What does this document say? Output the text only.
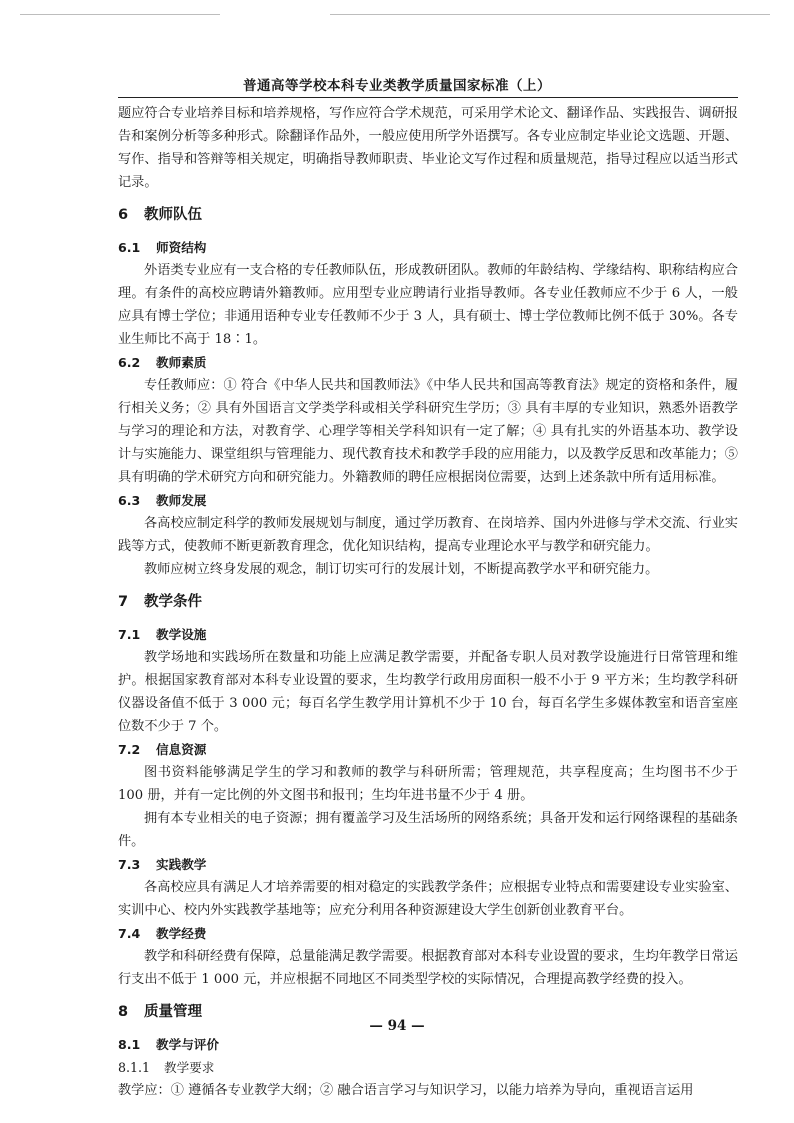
普通高等学校本科专业类教学质量国家标准（上）

题应符合专业培养目标和培养规格，写作应符合学术规范，可采用学术论文、翻译作品、实践报告、调研报告和案例分析等多种形式。除翻译作品外，一般应使用所学外语撰写。各专业应制定毕业论文选题、开题、写作、指导和答辩等相关规定，明确指导教师职责、毕业论文写作过程和质量规范，指导过程应以适当形式记录。

6 教师队伍
6.1 师资结构

外语类专业应有一支合格的专任教师队伍，形成教研团队。教师的年龄结构、学缘结构、职称结构应合理。有条件的高校应聘请外籍教师。应用型专业应聘请行业指导教师。各专业任教师应不少于 6 人，一般应具有博士学位；非通用语种专业专任教师不少于 3 人，具有硕士、博士学位教师比例不低于 30%。各专业生师比不高于 18∶1。

6.2 教师素质

专任教师应：① 符合《中华人民共和国教师法》《中华人民共和国高等教育法》规定的资格和条件，履行相关义务；② 具有外国语言文学类学科或相关学科研究生学历；③ 具有丰厚的专业知识，熟悉外语教学与学习的理论和方法，对教育学、心理学等相关学科知识有一定了解；④ 具有扎实的外语基本功、教学设计与实施能力、课堂组织与管理能力、现代教育技术和教学手段的应用能力，以及教学反思和改革能力；⑤ 具有明确的学术研究方向和研究能力。外籍教师的聘任应根据岗位需要，达到上述条款中所有适用标准。

6.3 教师发展

各高校应制定科学的教师发展规划与制度，通过学历教育、在岗培养、国内外进修与学术交流、行业实践等方式，使教师不断更新教育理念，优化知识结构，提高专业理论水平与教学和研究能力。

教师应树立终身发展的观念，制订切实可行的发展计划，不断提高教学水平和研究能力。

7 教学条件
7.1 教学设施

教学场地和实践场所在数量和功能上应满足教学需要，并配备专职人员对教学设施进行日常管理和维护。根据国家教育部对本科专业设置的要求，生均教学行政用房面积一般不小于 9 平方米；生均教学科研仪器设备值不低于 3 000 元；每百名学生教学用计算机不少于 10 台，每百名学生多媒体教室和语音室座位数不少于 7 个。

7.2 信息资源

图书资料能够满足学生的学习和教师的教学与科研所需；管理规范，共享程度高；生均图书不少于 100 册，并有一定比例的外文图书和报刊；生均年进书量不少于 4 册。

拥有本专业相关的电子资源；拥有覆盖学习及生活场所的网络系统；具备开发和运行网络课程的基础条件。

7.3 实践教学

各高校应具有满足人才培养需要的相对稳定的实践教学条件；应根据专业特点和需要建设专业实验室、实训中心、校内外实践教学基地等；应充分利用各种资源建设大学生创新创业教育平台。

7.4 教学经费

教学和科研经费有保障，总量能满足教学需要。根据教育部对本科专业设置的要求，生均年教学日常运行支出不低于 1 000 元，并应根据不同地区不同类型学校的实际情况，合理提高教学经费的投入。

8 质量管理
8.1 教学与评价
8.1.1 教学要求

教学应：① 遵循各专业教学大纲；② 融合语言学习与知识学习，以能力培养为导向，重视语言运用

— 94 —
